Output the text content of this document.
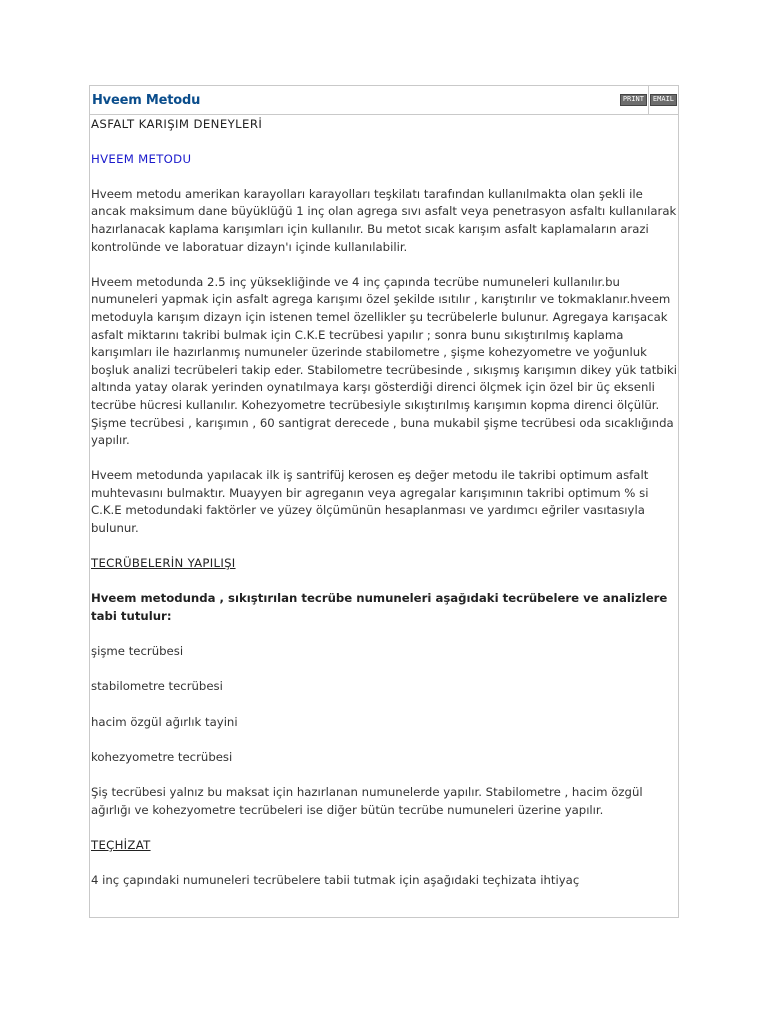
Hveem Metodu	PRINT	EMAIL

ASFALT KARIŞIM DENEYLERİ

HVEEM METODU

Hveem metodu amerikan karayolları karayolları teşkilatı tarafından kullanılmakta olan şekli ile ancak maksimum dane büyüklüğü 1 inç olan agrega sıvı asfalt veya penetrasyon asfaltı kullanılarak hazırlanacak kaplama karışımları için kullanılır. Bu metot sıcak karışım asfalt kaplamaların arazi kontrolünde ve laboratuar dizayn'ı içinde kullanılabilir.

Hveem metodunda 2.5 inç yüksekliğinde ve 4 inç çapında tecrübe numuneleri kullanılır.bu numuneleri yapmak için asfalt agrega karışımı özel şekilde ısıtılır , karıştırılır ve tokmaklanır.hveem metoduyla karışım dizayn için istenen temel özellikler şu tecrübelerle bulunur. Agregaya karışacak asfalt miktarını takribi bulmak için C.K.E tecrübesi yapılır ; sonra bunu sıkıştırılmış kaplama karışımları ile hazırlanmış numuneler üzerinde stabilometre , şişme kohezyometre ve yoğunluk boşluk analizi tecrübeleri takip eder. Stabilometre tecrübesinde , sıkışmış karışımın dikey yük tatbiki altında yatay olarak yerinden oynatılmaya karşı gösterdiği direnci ölçmek için özel bir üç eksenli tecrübe hücresi kullanılır. Kohezyometre tecrübesiyle sıkıştırılmış karışımın kopma direnci ölçülür. Şişme tecrübesi , karışımın , 60 santigrat derecede , buna mukabil şişme tecrübesi oda sıcaklığında yapılır.

Hveem metodunda yapılacak ilk iş santrifüj kerosen eş değer metodu ile takribi optimum asfalt muhtevasını bulmaktır. Muayyen bir agreganın veya agregalar karışımının takribi optimum % si C.K.E metodundaki faktörler ve yüzey ölçümünün hesaplanması ve yardımcı eğriler vasıtasıyla bulunur.

TECRÜBELERİN YAPILIŞI

Hveem metodunda , sıkıştırılan tecrübe numuneleri aşağıdaki tecrübelere ve analizlere tabi tutulur:

şişme tecrübesi

stabilometre tecrübesi

hacim özgül ağırlık tayini

kohezyometre tecrübesi

Şiş tecrübesi yalnız bu maksat için hazırlanan numunelerde yapılır. Stabilometre , hacim özgül ağırlığı ve kohezyometre tecrübeleri ise diğer bütün tecrübe numuneleri üzerine yapılır.

TEÇHİZAT

4 inç çapındaki numuneleri tecrübelere tabii tutmak için aşağıdaki teçhizata ihtiyaç
